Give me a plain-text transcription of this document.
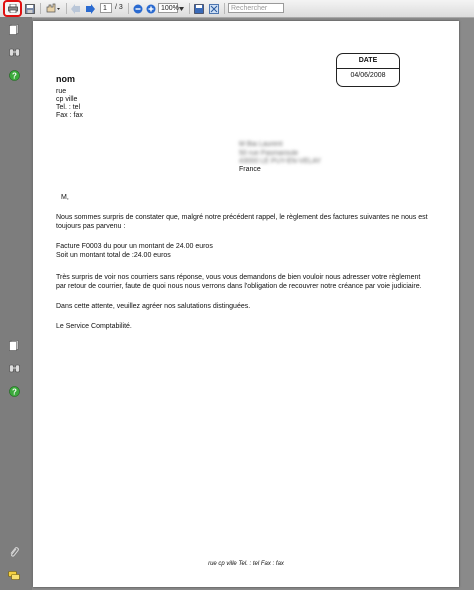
1	/ 3	100%	Rechercher
?
?
DATE
04/06/2008
nom
rue
cp ville
Tel. : tel
Fax : fax
M Bia Laurent
50 rue Pasmaroule
43000 LE PUY-EN-VELAY
France
M,
Nous sommes surpris de constater que, malgré notre précédent rappel, le règlement des factures suivantes ne nous est
toujours pas parvenu :
Facture F0003 du pour un montant de 24.00 euros
Soit un montant total de :24.00 euros
Très surpris de voir nos courriers sans réponse, vous vous demandons de bien vouloir nous adresser votre règlement
par retour de courrier, faute de quoi nous nous verrons dans l'obligation de recouvrer notre créance par voie judiciaire.
Dans cette attente, veuillez agréer nos salutations distinguées.
Le Service Comptabilité.
rue cp ville Tel. : tel Fax : fax
